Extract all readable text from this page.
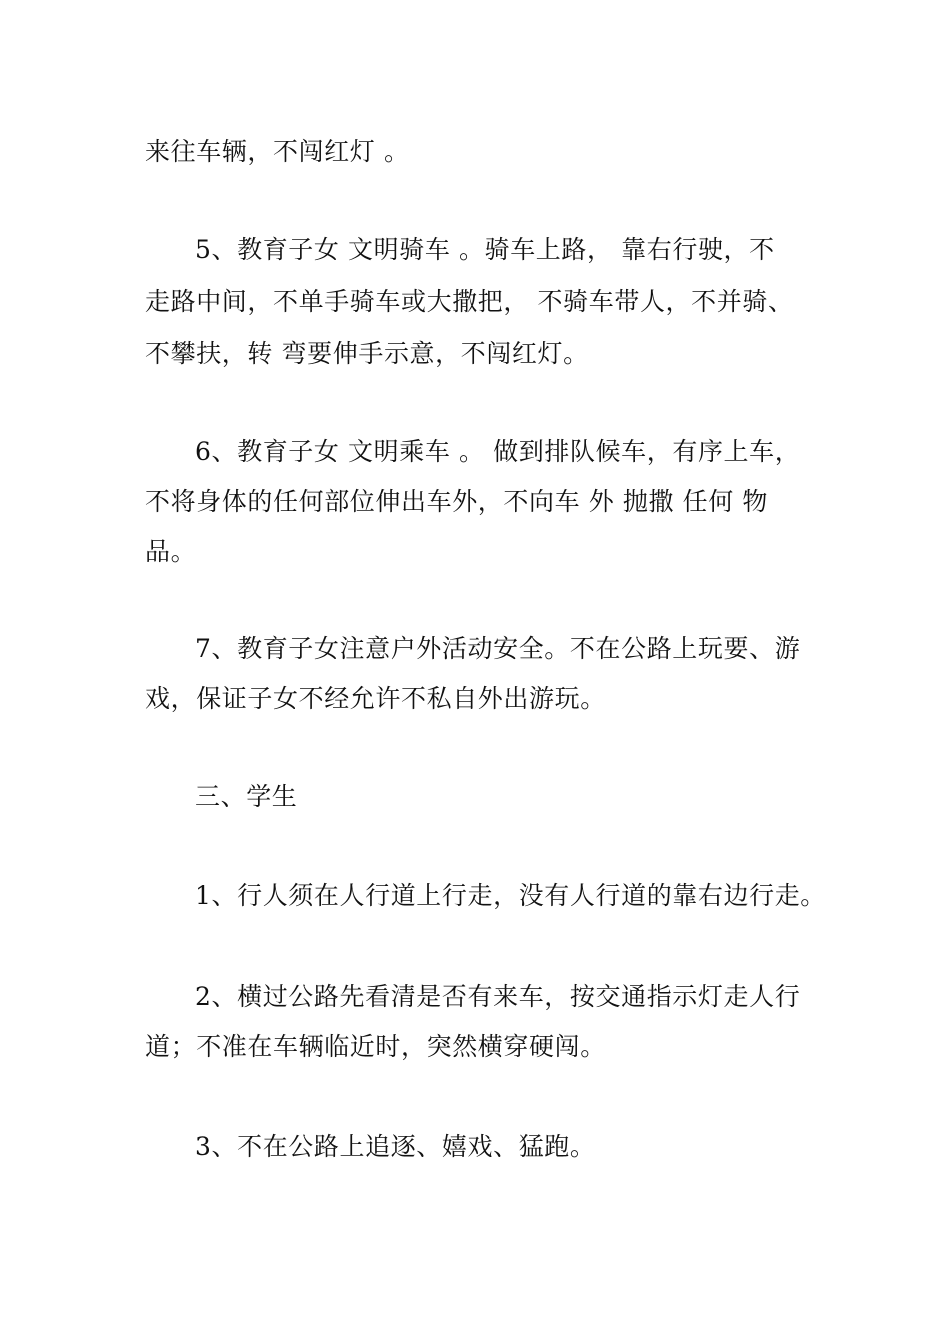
来往车辆，不闯红灯 。
5、教育子女 文明骑车 。骑车上路， 靠右行驶，不
走路中间，不单手骑车或大撒把， 不骑车带人，不并骑、
不攀扶，转 弯要伸手示意，不闯红灯。
6、教育子女 文明乘车 。 做到排队候车，有序上车，
不将身体的任何部位伸出车外，不向车 外 抛撒 任何 物
品。
7、教育子女注意户外活动安全。不在公路上玩要、游
戏，保证子女不经允许不私自外出游玩。
三、学生
1、行人须在人行道上行走，没有人行道的靠右边行走。
2、横过公路先看清是否有来车，按交通指示灯走人行
道；不准在车辆临近时，突然横穿硬闯。
3、不在公路上追逐、嬉戏、猛跑。
